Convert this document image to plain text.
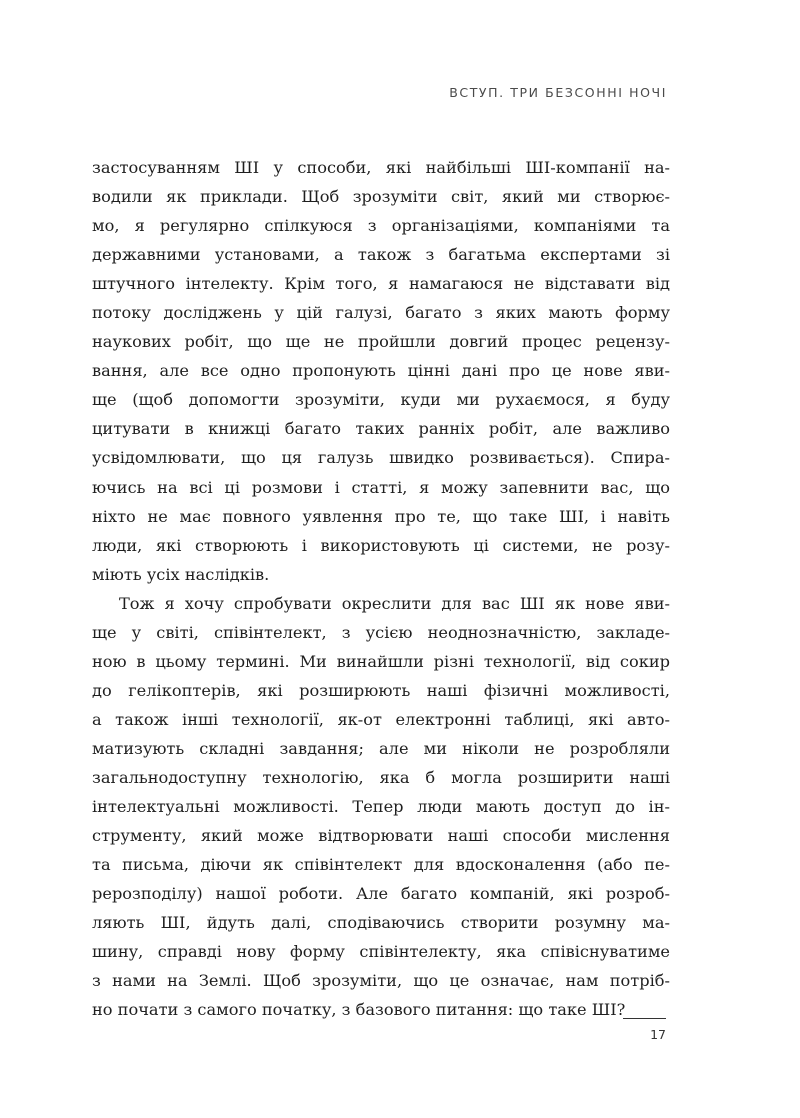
ВСТУП. ТРИ БЕЗСОННІ НОЧІ
застосуванням ШІ у способи, які найбільші ШІ-компанії на-
водили як приклади. Щоб зрозуміти світ, який ми створює-
мо, я регулярно спілкуюся з організаціями, компаніями та
державними установами, а також з багатьма експертами зі
штучного інтелекту. Крім того, я намагаюся не відставати від
потоку досліджень у цій галузі, багато з яких мають форму
наукових робіт, що ще не пройшли довгий процес рецензу-
вання, але все одно пропонують цінні дані про це нове яви-
ще (щоб допомогти зрозуміти, куди ми рухаємося, я буду
цитувати в книжці багато таких ранніх робіт, але важливо
усвідомлювати, що ця галузь швидко розвивається). Спира-
ючись на всі ці розмови і статті, я можу запевнити вас, що
ніхто не має повного уявлення про те, що таке ШІ, і навіть
люди, які створюють і використовують ці системи, не розу-
міють усіх наслідків.
Тож я хочу спробувати окреслити для вас ШІ як нове яви-
ще у світі, співінтелект, з усією неоднозначністю, закладе-
ною в цьому термині. Ми винайшли різні технології, від сокир
до гелікоптерів, які розширюють наші фізичні можливості,
а також інші технології, як-от електронні таблиці, які авто-
матизують складні завдання; але ми ніколи не розробляли
загальнодоступну технологію, яка б могла розширити наші
інтелектуальні можливості. Тепер люди мають доступ до ін-
струменту, який може відтворювати наші способи мислення
та письма, діючи як співінтелект для вдосконалення (або пе-
рерозподілу) нашої роботи. Але багато компаній, які розроб-
ляють ШІ, йдуть далі, сподіваючись створити розумну ма-
шину, справді нову форму співінтелекту, яка співіснуватиме
з нами на Землі. Щоб зрозуміти, що це означає, нам потріб-
но почати з самого початку, з базового питання: що таке ШІ?
17
